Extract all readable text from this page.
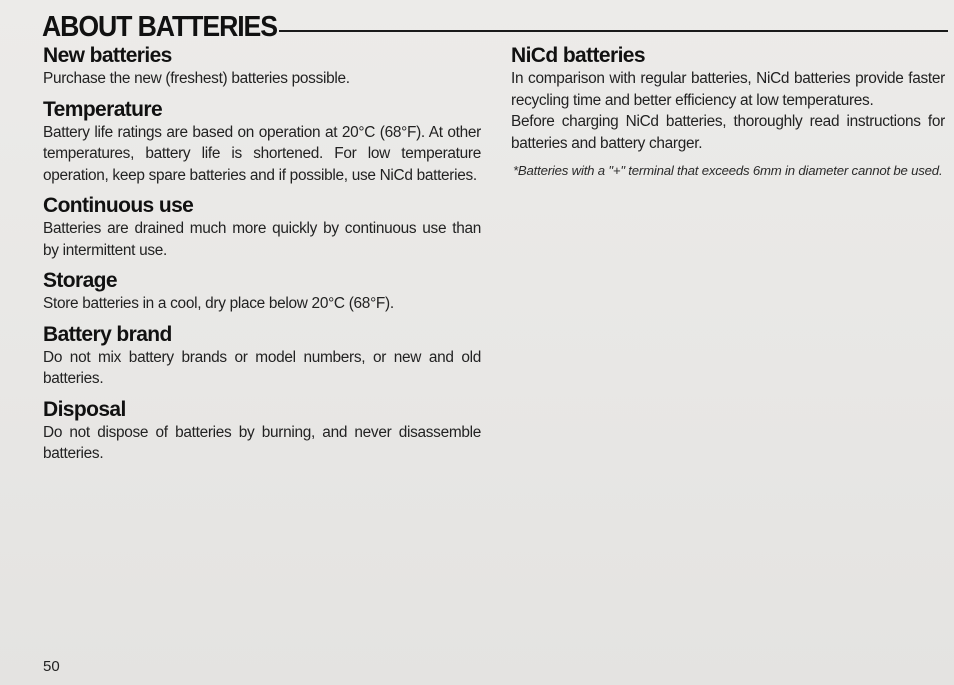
ABOUT BATTERIES
New batteries

Purchase the new (freshest) batteries possible.

Temperature

Battery life ratings are based on operation at 20°C (68°F). At other temperatures, battery life is shortened. For low temperature operation, keep spare batteries and if possible, use NiCd batteries.

Continuous use

Batteries are drained much more quickly by continuous use than by intermittent use.

Storage

Store batteries in a cool, dry place below 20°C (68°F).

Battery brand

Do not mix battery brands or model numbers, or new and old batteries.

Disposal

Do not dispose of batteries by burning, and never disassemble batteries.

NiCd batteries

In comparison with regular batteries, NiCd batteries provide faster recycling time and better efficiency at low temperatures.

Before charging NiCd batteries, thoroughly read instructions for batteries and battery charger.

*Batteries with a "+" terminal that exceeds 6mm in diameter cannot be used.

50
